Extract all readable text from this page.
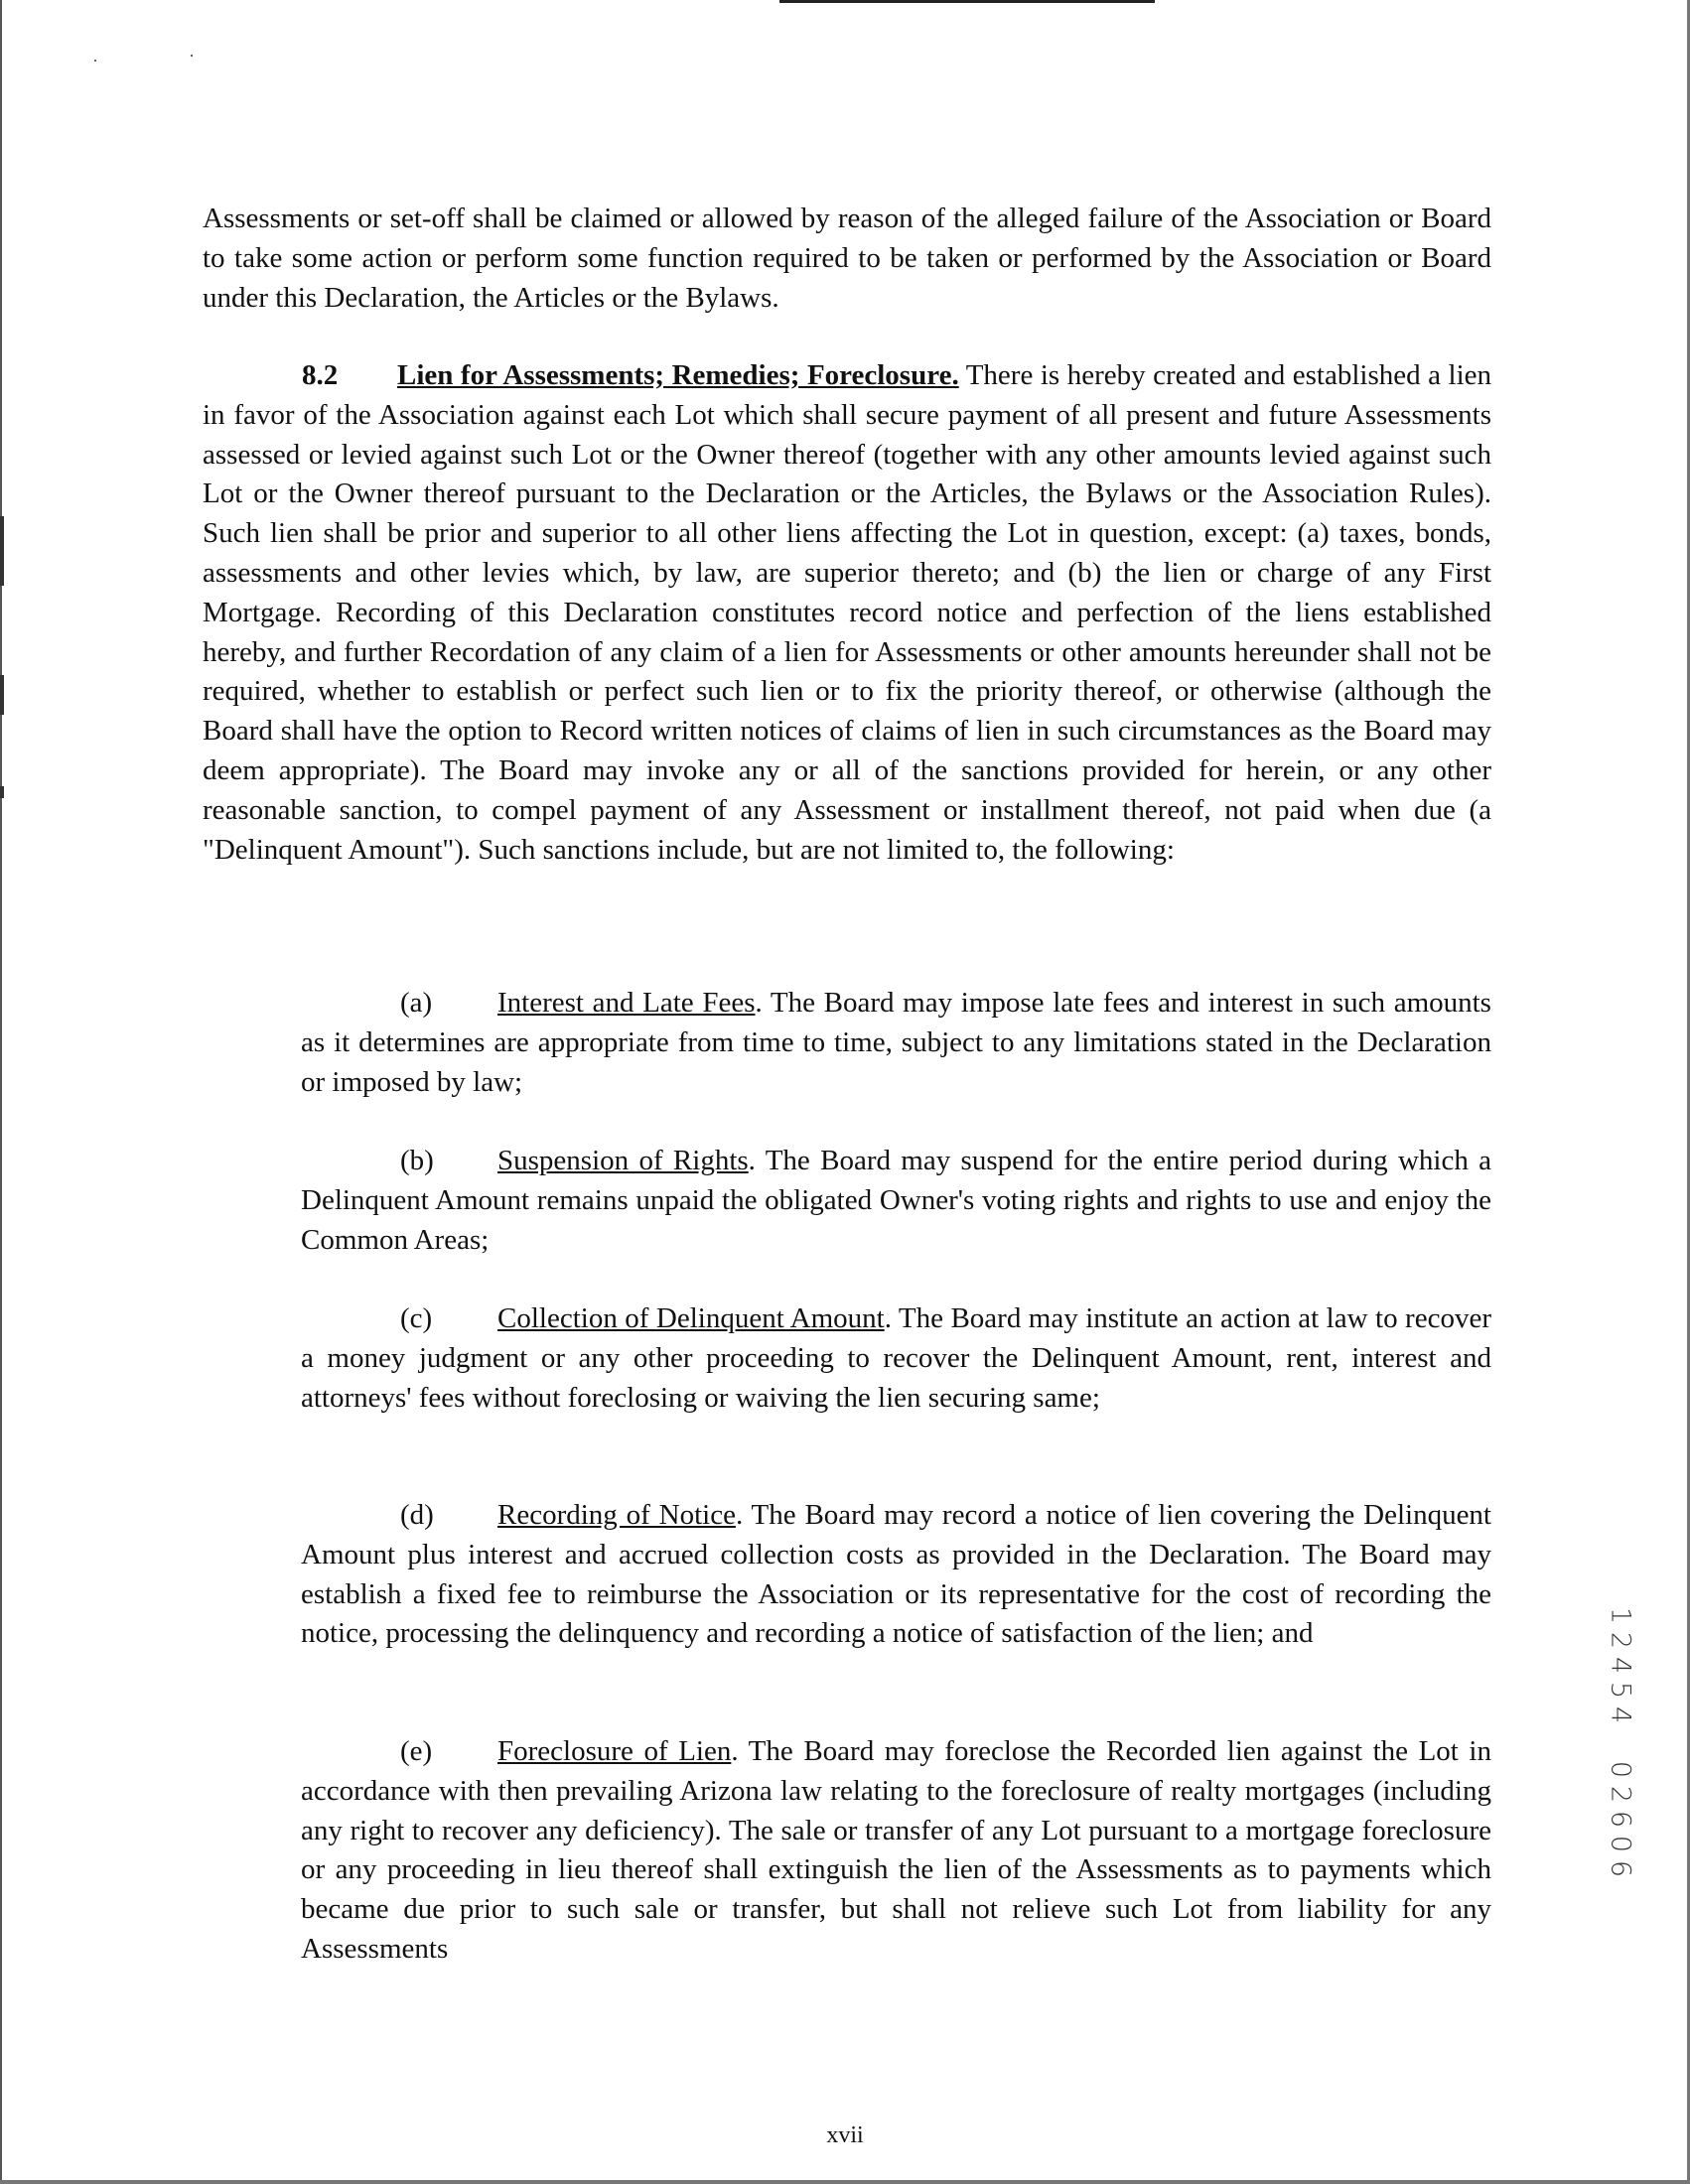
Assessments or set-off shall be claimed or allowed by reason of the alleged failure of the Association or Board to take some action or perform some function required to be taken or performed by the Association or Board under this Declaration, the Articles or the Bylaws.

8.2 Lien for Assessments; Remedies; Foreclosure. There is hereby created and established a lien in favor of the Association against each Lot which shall secure payment of all present and future Assessments assessed or levied against such Lot or the Owner thereof (together with any other amounts levied against such Lot or the Owner thereof pursuant to the Declaration or the Articles, the Bylaws or the Association Rules). Such lien shall be prior and superior to all other liens affecting the Lot in question, except: (a) taxes, bonds, assessments and other levies which, by law, are superior thereto; and (b) the lien or charge of any First Mortgage. Recording of this Declaration constitutes record notice and perfection of the liens established hereby, and further Recordation of any claim of a lien for Assessments or other amounts hereunder shall not be required, whether to establish or perfect such lien or to fix the priority thereof, or otherwise (although the Board shall have the option to Record written notices of claims of lien in such circumstances as the Board may deem appropriate). The Board may invoke any or all of the sanctions provided for herein, or any other reasonable sanction, to compel payment of any Assessment or installment thereof, not paid when due (a "Delinquent Amount"). Such sanctions include, but are not limited to, the following:

(a) Interest and Late Fees. The Board may impose late fees and interest in such amounts as it determines are appropriate from time to time, subject to any limitations stated in the Declaration or imposed by law;

(b) Suspension of Rights. The Board may suspend for the entire period during which a Delinquent Amount remains unpaid the obligated Owner's voting rights and rights to use and enjoy the Common Areas;

(c) Collection of Delinquent Amount. The Board may institute an action at law to recover a money judgment or any other proceeding to recover the Delinquent Amount, rent, interest and attorneys' fees without foreclosing or waiving the lien securing same;

(d) Recording of Notice. The Board may record a notice of lien covering the Delinquent Amount plus interest and accrued collection costs as provided in the Declaration. The Board may establish a fixed fee to reimburse the Association or its representative for the cost of recording the notice, processing the delinquency and recording a notice of satisfaction of the lien; and

(e) Foreclosure of Lien. The Board may foreclose the Recorded lien against the Lot in accordance with then prevailing Arizona law relating to the foreclosure of realty mortgages (including any right to recover any deficiency). The sale or transfer of any Lot pursuant to a mortgage foreclosure or any proceeding in lieu thereof shall extinguish the lien of the Assessments as to payments which became due prior to such sale or transfer, but shall not relieve such Lot from liability for any Assessments

1
2
4
5
4
0
2
6
0
6
xvii
